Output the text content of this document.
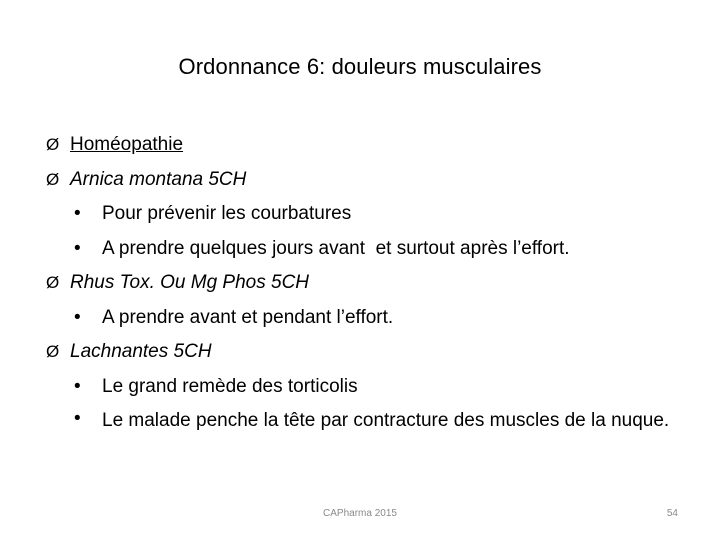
Ordonnance 6: douleurs musculaires
Ø Homéopathie
Ø Arnica montana 5CH
• Pour prévenir les courbatures
• A prendre quelques jours avant  et surtout après l’effort.
Ø Rhus Tox. Ou Mg Phos 5CH
• A prendre avant et pendant l’effort.
Ø Lachnantes 5CH
• Le grand remède des torticolis
• Le malade penche la tête par contracture des muscles de la nuque.
CAPharma 2015	54
